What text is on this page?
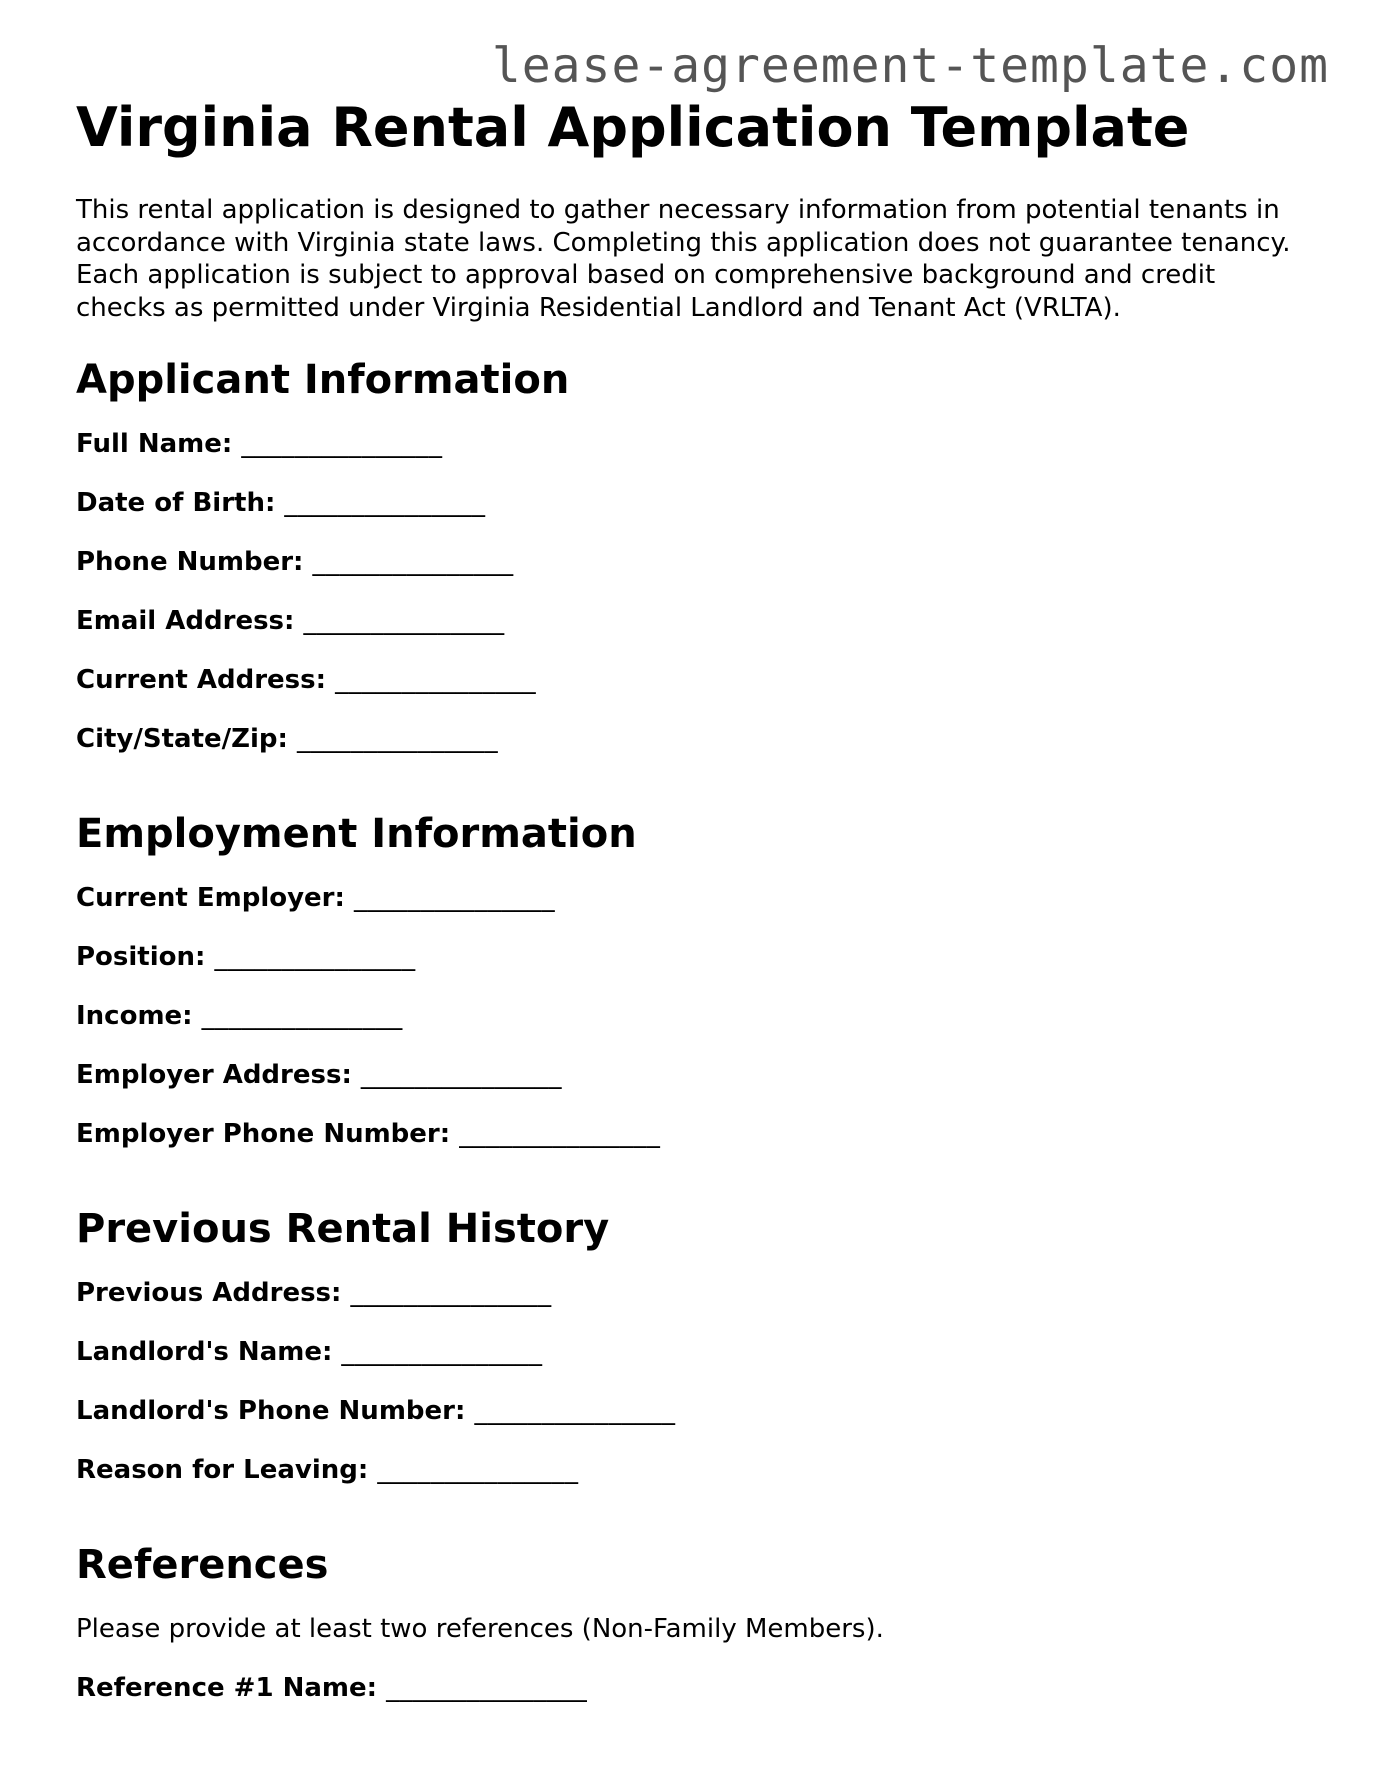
lease-agreement-template.com
Virginia Rental Application Template

This rental application is designed to gather necessary information from potential tenants in accordance with Virginia state laws. Completing this application does not guarantee tenancy. Each application is subject to approval based on comprehensive background and credit checks as permitted under Virginia Residential Landlord and Tenant Act (VRLTA).

Applicant Information
Full Name: _______________
Date of Birth: _______________
Phone Number: _______________
Email Address: _______________
Current Address: _______________
City/State/Zip: _______________
Employment Information
Current Employer: _______________
Position: _______________
Income: _______________
Employer Address: _______________
Employer Phone Number: _______________
Previous Rental History
Previous Address: _______________
Landlord's Name: _______________
Landlord's Phone Number: _______________
Reason for Leaving: _______________
References
Please provide at least two references (Non-Family Members).
Reference #1 Name: _______________
